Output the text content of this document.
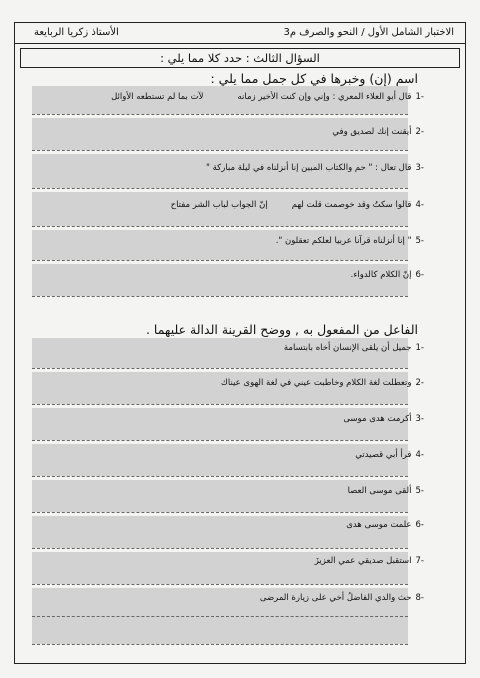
الاختبار الشامل الأول / النحو والصرف م3
الأستاذ زكريا الربايعة
السؤال الثالث : حدد كلا مما يلي :
اسم (إن) وخبرها في كل جمل مما يلي :
-1
قال أبو العلاء المعري : وإني وإن كنت الأخير زمانه
لآت بما لم تستطعه الأوائل
-2
أيقنت إنك لصديق وفي
-3
قال تعال : " حم والكتاب المبين إنا أنزلناه في ليلة مباركة "
-4
قالوا سكتُ وقد خوصمت قلت لهم
إنّ الجواب لباب الشر مفتاح
-5
" إنا أنزلناه قرآنا عربيا لعلكم تعقلون ".
-6
إنّ الكلام كالدواء.
الفاعل من المفعول به , ووضح القرينة الدالة عليهما .
-1
جميل أن يلقى الإنسان أخاه بابتسامة
-2
وتعطلت لغة الكلام وخاطبت عيني في لغة الهوى عيناك
-3
أكرمت هدى موسى
-4
قرأ أبي قصيدتي
-5
ألقى موسى العصا
-6
علمت موسى هدى
-7
استقبل صديقي عمي العزيزَ
-8
حث والدي الفاضلُ أخي على زيارة المرضى
